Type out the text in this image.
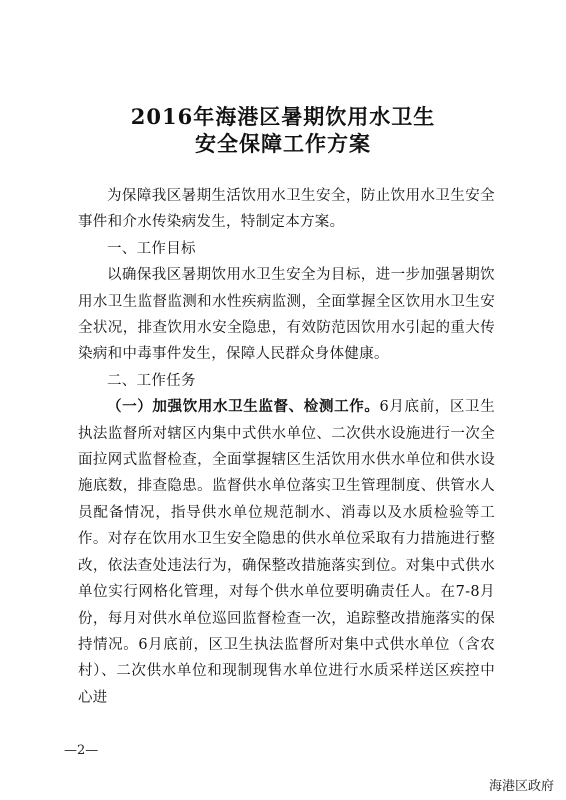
2016年海港区暑期饮用水卫生
安全保障工作方案

为保障我区暑期生活饮用水卫生安全，防止饮用水卫生安全事件和介水传染病发生，特制定本方案。

一、工作目标

以确保我区暑期饮用水卫生安全为目标，进一步加强暑期饮用水卫生监督监测和水性疾病监测，全面掌握全区饮用水卫生安全状况，排查饮用水安全隐患，有效防范因饮用水引起的重大传染病和中毒事件发生，保障人民群众身体健康。

二、工作任务

（一）加强饮用水卫生监督、检测工作。6月底前，区卫生执法监督所对辖区内集中式供水单位、二次供水设施进行一次全面拉网式监督检查，全面掌握辖区生活饮用水供水单位和供水设施底数，排查隐患。监督供水单位落实卫生管理制度、供管水人员配备情况，指导供水单位规范制水、消毒以及水质检验等工作。对存在饮用水卫生安全隐患的供水单位采取有力措施进行整改，依法查处违法行为，确保整改措施落实到位。对集中式供水单位实行网格化管理，对每个供水单位要明确责任人。在7-8月份，每月对供水单位巡回监督检查一次，追踪整改措施落实的保持情况。6月底前，区卫生执法监督所对集中式供水单位（含农村）、二次供水单位和现制现售水单位进行水质采样送区疾控中心进

—2—
海港区政府
